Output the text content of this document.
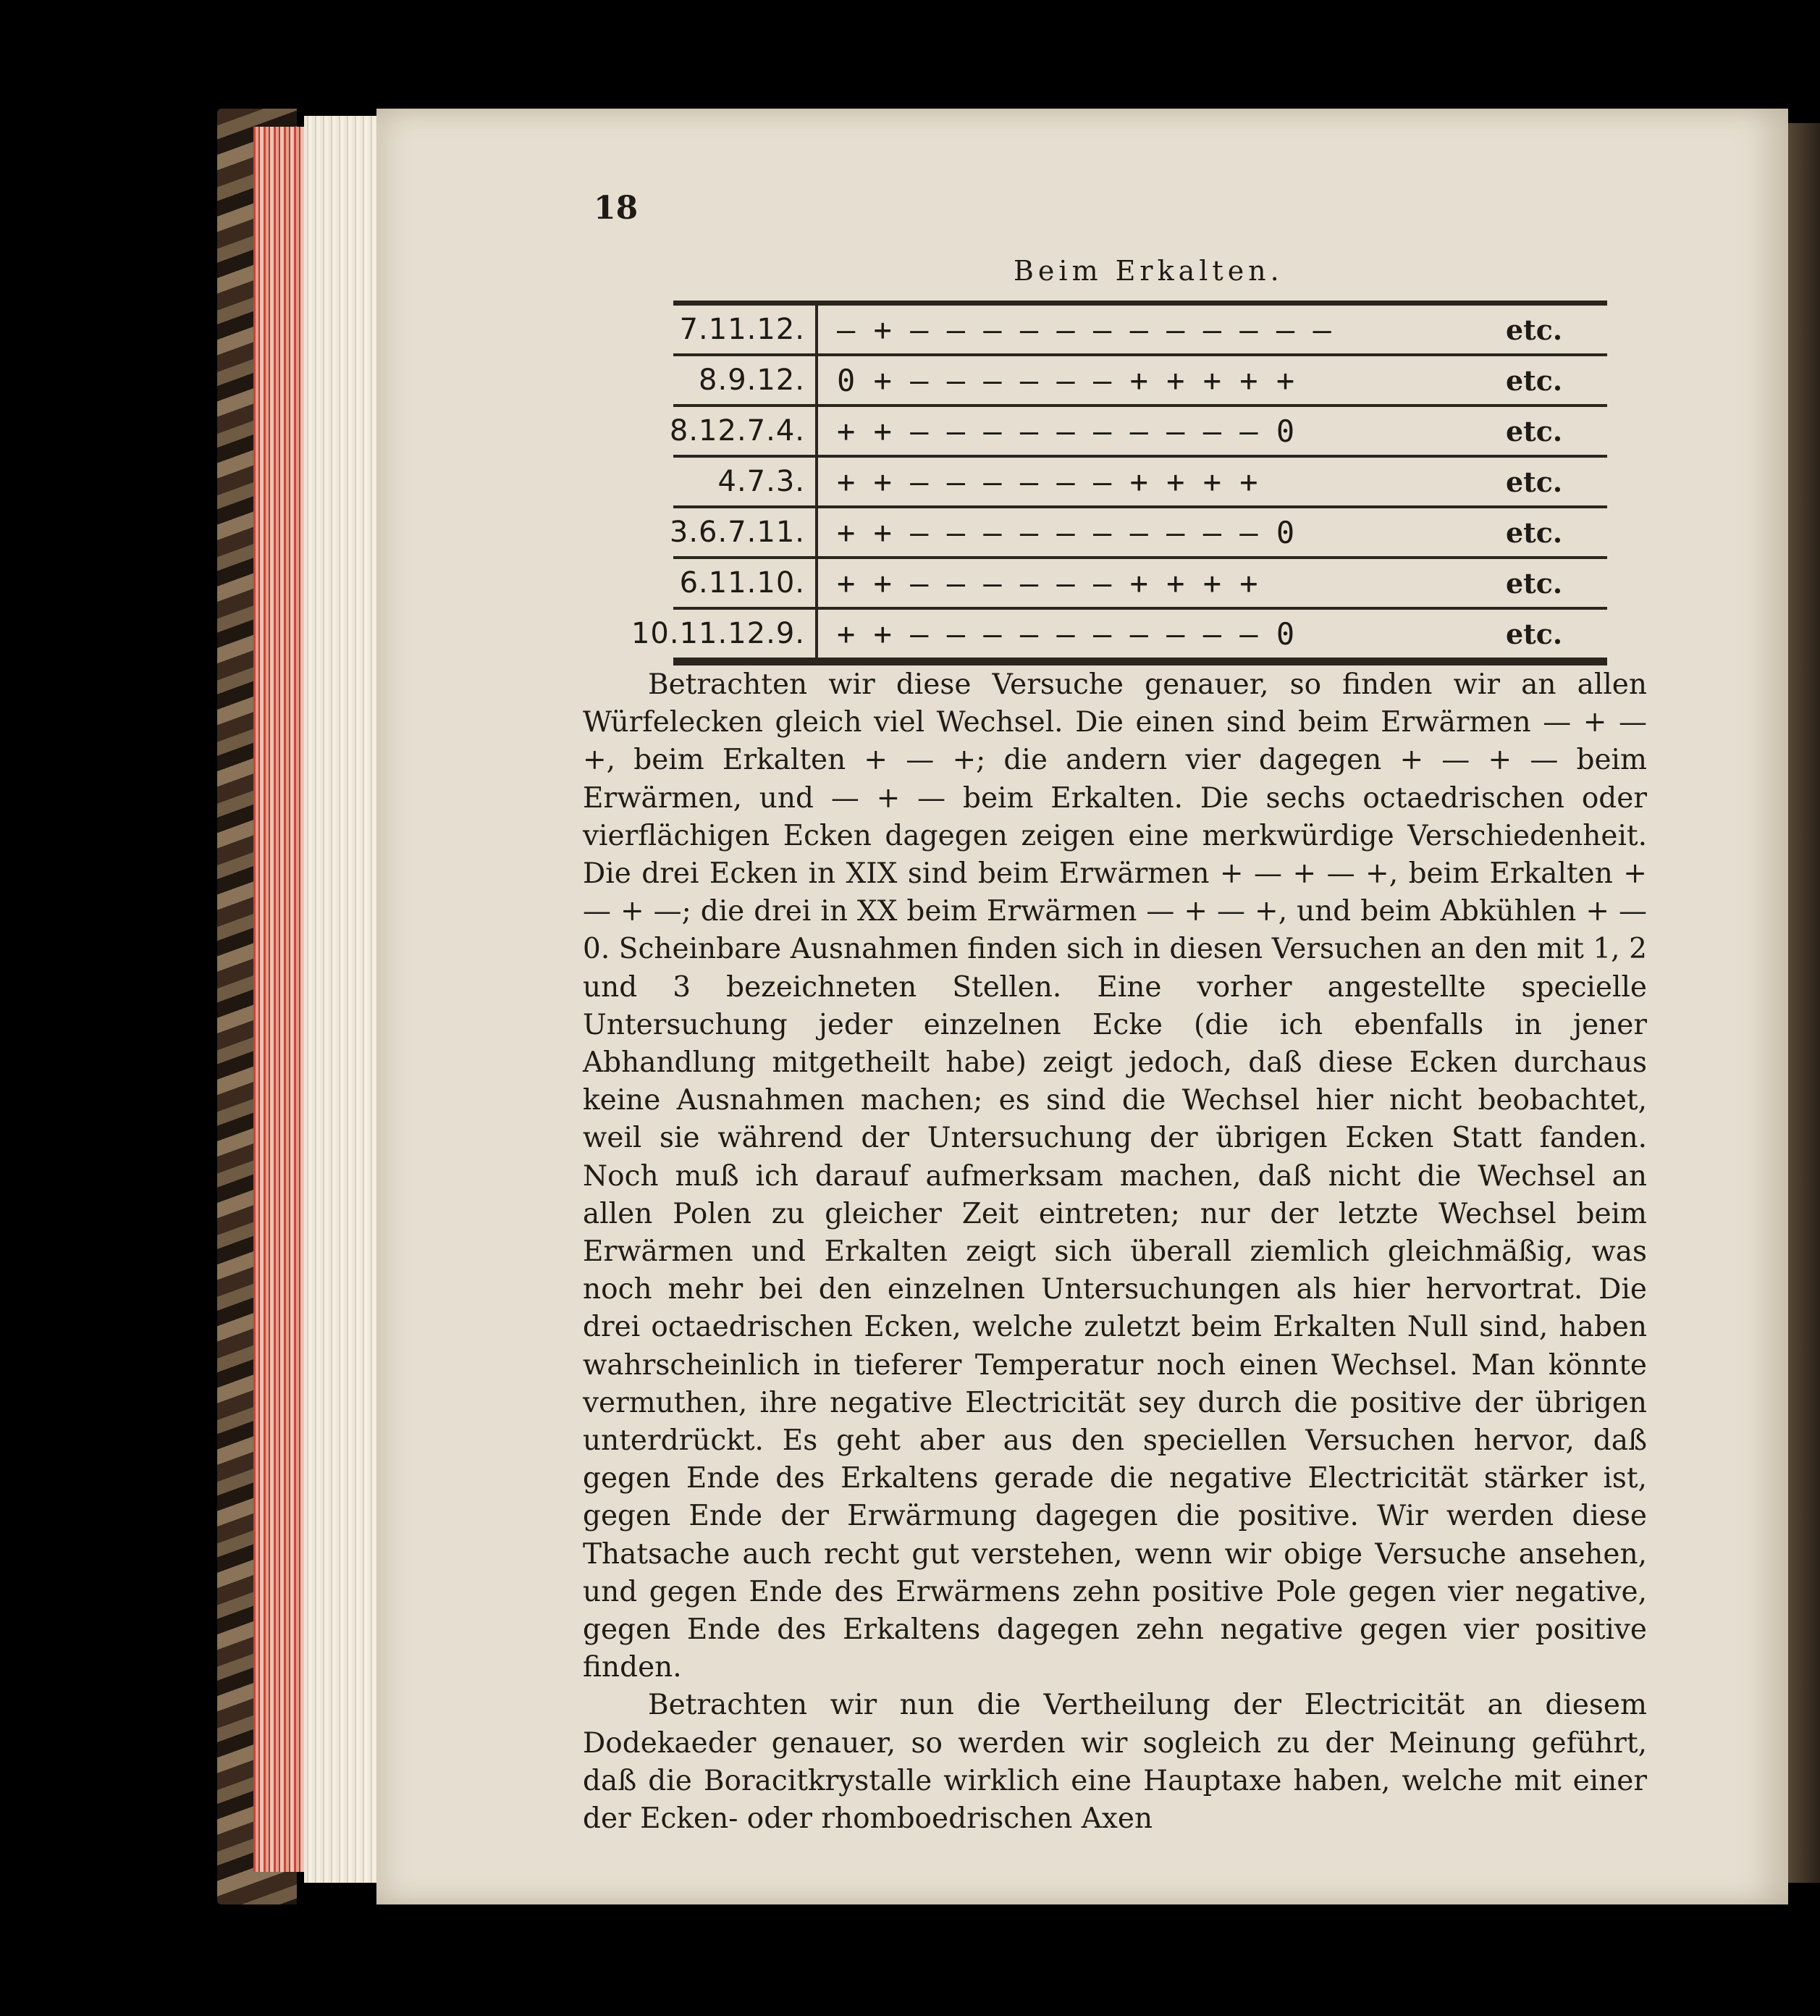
18
Beim Erkalten.
7.11.12.	— + — — — — — — — — — — — —	etc.
8.9.12.	0 + — — — — — — + + + + +	etc.
8.12.7.4.	+ + — — — — — — — — — — 0	etc.
4.7.3.	+ + — — — — — — + + + +	etc.
3.6.7.11.	+ + — — — — — — — — — — 0	etc.
6.11.10.	+ + — — — — — — + + + +	etc.
10.11.12.9.	+ + — — — — — — — — — — 0	etc.

Betrachten wir diese Versuche genauer, so finden wir an allen Würfelecken gleich viel Wechsel. Die einen sind beim Erwärmen — + — +, beim Erkalten + — +; die andern vier dagegen + — + — beim Erwärmen, und — + — beim Erkalten. Die sechs octaedrischen oder vierflächigen Ecken dagegen zeigen eine merkwürdige Verschiedenheit. Die drei Ecken in XIX sind beim Erwärmen + — + — +, beim Erkalten + — + —; die drei in XX beim Erwärmen — + — +, und beim Abkühlen + — 0. Scheinbare Ausnahmen finden sich in diesen Versuchen an den mit 1, 2 und 3 bezeichneten Stellen. Eine vorher angestellte specielle Untersuchung jeder einzelnen Ecke (die ich ebenfalls in jener Abhandlung mitgetheilt habe) zeigt jedoch, daß diese Ecken durchaus keine Ausnahmen machen; es sind die Wechsel hier nicht beobachtet, weil sie während der Untersuchung der übrigen Ecken Statt fanden. Noch muß ich darauf aufmerksam machen, daß nicht die Wechsel an allen Polen zu gleicher Zeit eintreten; nur der letzte Wechsel beim Erwärmen und Erkalten zeigt sich überall ziemlich gleichmäßig, was noch mehr bei den einzelnen Untersuchungen als hier hervortrat. Die drei octaedrischen Ecken, welche zuletzt beim Erkalten Null sind, haben wahrscheinlich in tieferer Temperatur noch einen Wechsel. Man könnte vermuthen, ihre negative Electricität sey durch die positive der übrigen unterdrückt. Es geht aber aus den speciellen Versuchen hervor, daß gegen Ende des Erkaltens gerade die negative Electricität stärker ist, gegen Ende der Erwärmung dagegen die positive. Wir werden diese Thatsache auch recht gut verstehen, wenn wir obige Versuche ansehen, und gegen Ende des Erwärmens zehn positive Pole gegen vier negative, gegen Ende des Erkaltens dagegen zehn negative gegen vier positive finden.

Betrachten wir nun die Vertheilung der Electricität an diesem Dodekaeder genauer, so werden wir sogleich zu der Meinung geführt, daß die Boracitkrystalle wirklich eine Hauptaxe haben, welche mit einer der Ecken- oder rhomboedrischen Axen
